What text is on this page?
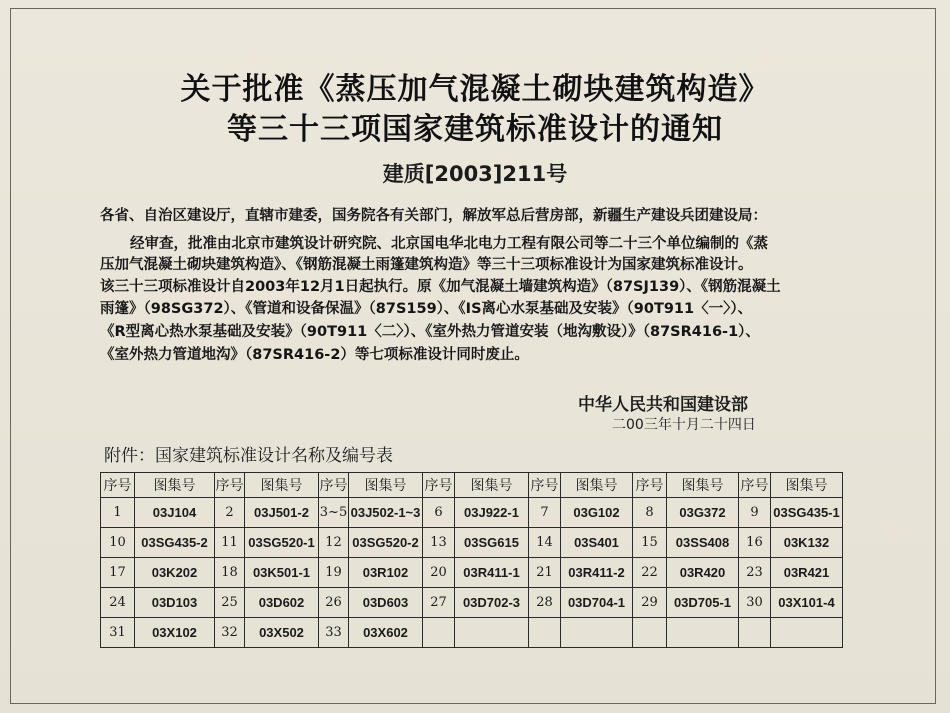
关于批准《蒸压加气混凝土砌块建筑构造》
等三十三项国家建筑标准设计的通知
建质[2003]211号
各省、自治区建设厅，直辖市建委，国务院各有关部门，解放军总后营房部，新疆生产建设兵团建设局：
经审查，批准由北京市建筑设计研究院、北京国电华北电力工程有限公司等二十三个单位编制的《蒸
压加气混凝土砌块建筑构造》、《钢筋混凝土雨篷建筑构造》等三十三项标准设计为国家建筑标准设计。
该三十三项标准设计自2003年12月1日起执行。原《加气混凝土墙建筑构造》（87SJ139）、《钢筋混凝土
雨篷》（98SG372）、《管道和设备保温》（87S159）、《IS离心水泵基础及安装》（90T911〈一〉）、
《R型离心热水泵基础及安装》（90T911〈二〉）、《室外热力管道安装（地沟敷设）》（87SR416-1）、
《室外热力管道地沟》（87SR416-2）等七项标准设计同时废止。
中华人民共和国建设部
二00三年十月二十四日
附件：国家建筑标准设计名称及编号表
序号	图集号	序号	图集号	序号	图集号	序号	图集号	序号	图集号	序号	图集号	序号	图集号
1	03J104	2	03J501-2	3~5	03J502-1~3	6	03J922-1	7	03G102	8	03G372	9	03SG435-1
10	03SG435-2	11	03SG520-1	12	03SG520-2	13	03SG615	14	03S401	15	03SS408	16	03K132
17	03K202	18	03K501-1	19	03R102	20	03R411-1	21	03R411-2	22	03R420	23	03R421
24	03D103	25	03D602	26	03D603	27	03D702-3	28	03D704-1	29	03D705-1	30	03X101-4
31	03X102	32	03X502	33	03X602								
